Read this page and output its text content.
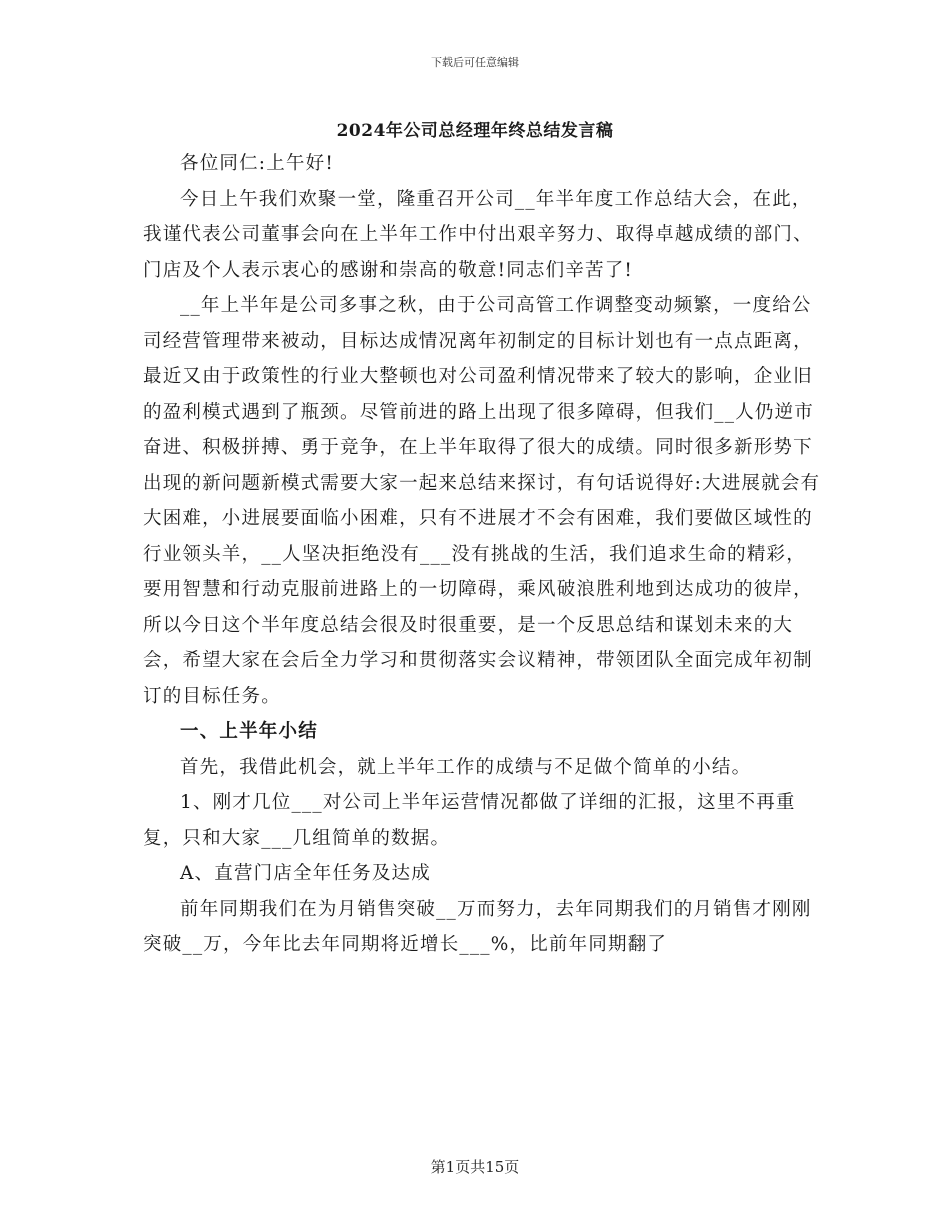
下载后可任意编辑
2024年公司总经理年终总结发言稿

各位同仁:上午好!

今日上午我们欢聚一堂，隆重召开公司__年半年度工作总结大会，在此，我谨代表公司董事会向在上半年工作中付出艰辛努力、取得卓越成绩的部门、门店及个人表示衷心的感谢和崇高的敬意!同志们辛苦了!

__年上半年是公司多事之秋，由于公司高管工作调整变动频繁，一度给公司经营管理带来被动，目标达成情况离年初制定的目标计划也有一点点距离，最近又由于政策性的行业大整顿也对公司盈利情况带来了较大的影响，企业旧的盈利模式遇到了瓶颈。尽管前进的路上出现了很多障碍，但我们__人仍逆市奋进、积极拼搏、勇于竞争，在上半年取得了很大的成绩。同时很多新形势下出现的新问题新模式需要大家一起来总结来探讨，有句话说得好:大进展就会有大困难，小进展要面临小困难，只有不进展才不会有困难，我们要做区域性的行业领头羊，__人坚决拒绝没有___没有挑战的生活，我们追求生命的精彩，要用智慧和行动克服前进路上的一切障碍，乘风破浪胜利地到达成功的彼岸，所以今日这个半年度总结会很及时很重要，是一个反思总结和谋划未来的大会，希望大家在会后全力学习和贯彻落实会议精神，带领团队全面完成年初制订的目标任务。

一、上半年小结

首先，我借此机会，就上半年工作的成绩与不足做个简单的小结。

1、刚才几位___对公司上半年运营情况都做了详细的汇报，这里不再重复，只和大家___几组简单的数据。

A、直营门店全年任务及达成

前年同期我们在为月销售突破__万而努力，去年同期我们的月销售才刚刚突破__万，今年比去年同期将近增长___%，比前年同期翻了

第1页共15页
